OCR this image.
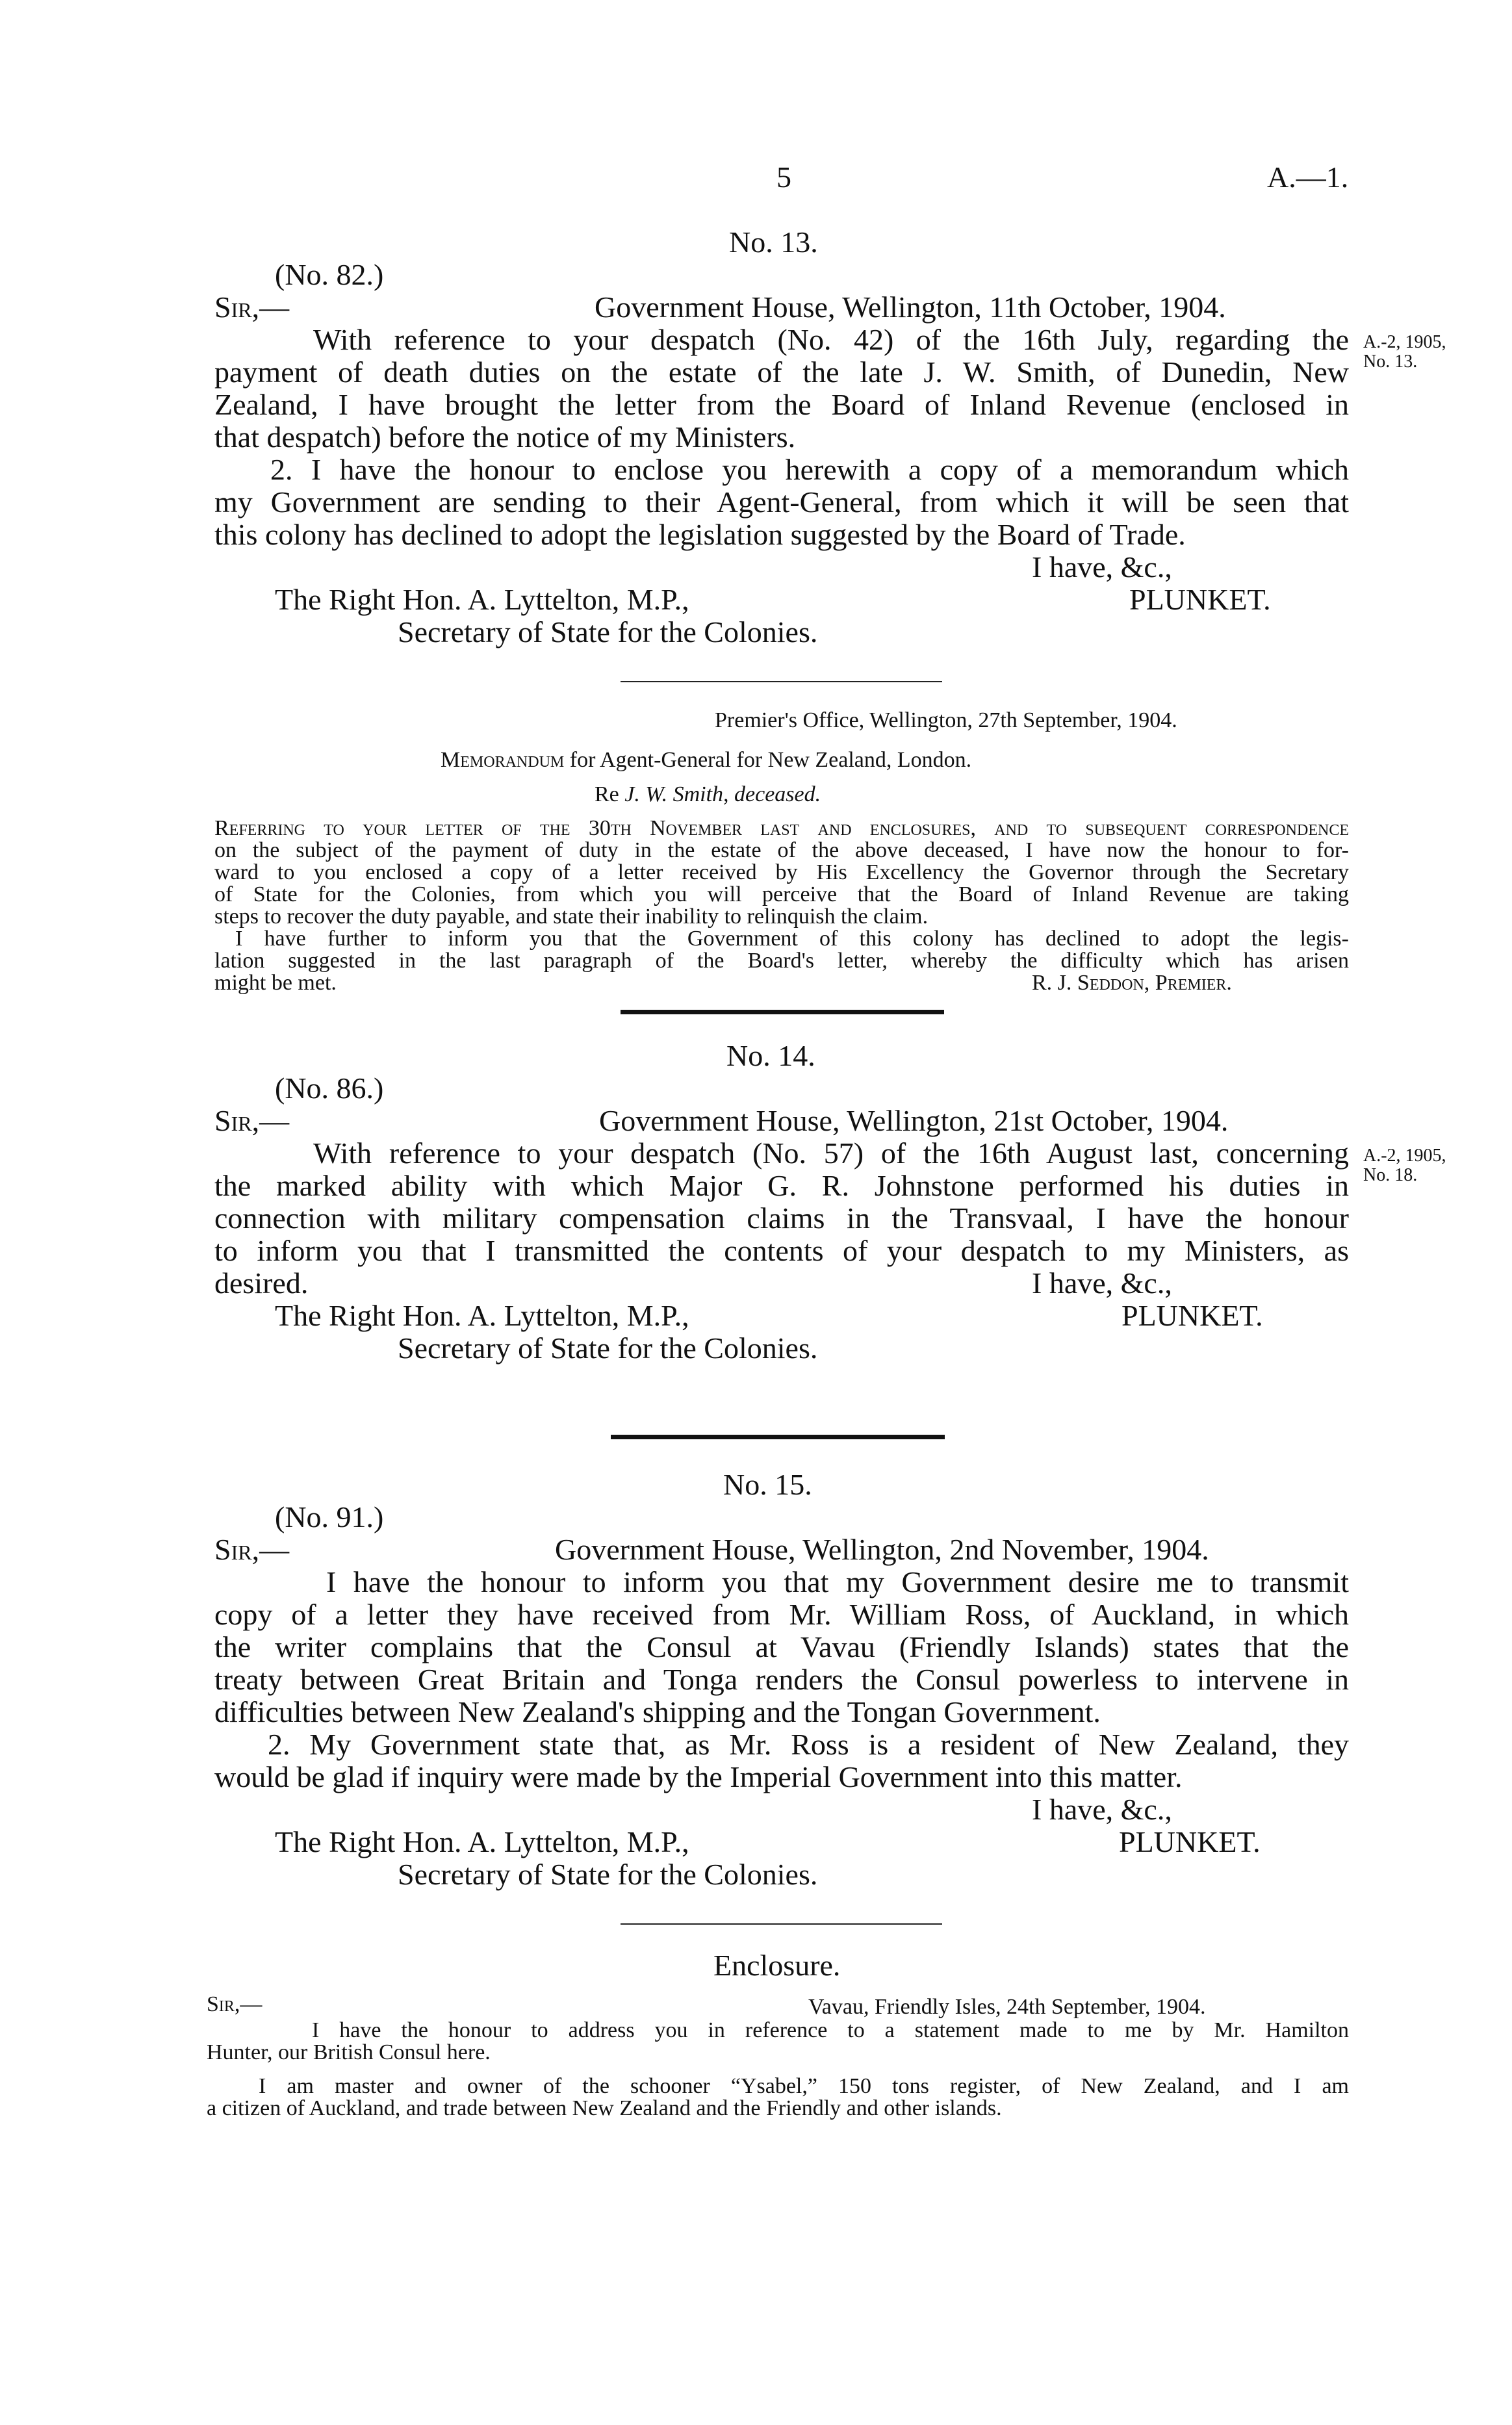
5	A.—1.
No. 13.
(No. 82.)
Sir,—	Government House, Wellington, 11th October, 1904.
With reference to your despatch (No. 42) of the 16th July, regarding the
payment of death duties on the estate of the late J. W. Smith, of Dunedin, New
Zealand, I have brought the letter from the Board of Inland Revenue (enclosed in
that despatch) before the notice of my Ministers.
2. I have the honour to enclose you herewith a copy of a memorandum which
my Government are sending to their Agent-General, from which it will be seen that
this colony has declined to adopt the legislation suggested by the Board of Trade.
I have, &c.,
The Right Hon. A. Lyttelton, M.P.,	PLUNKET.
Secretary of State for the Colonies.
A.-2, 1905,
No. 13.
Premier's Office, Wellington, 27th September, 1904.
Memorandum for Agent-General for New Zealand, London.
Re J. W. Smith, deceased.
Referring to your letter of the 30th November last and enclosures, and to subsequent correspondence
on the subject of the payment of duty in the estate of the above deceased, I have now the honour to for-
ward to you enclosed a copy of a letter received by His Excellency the Governor through the Secretary
of State for the Colonies, from which you will perceive that the Board of Inland Revenue are taking
steps to recover the duty payable, and state their inability to relinquish the claim.
I have further to inform you that the Government of this colony has declined to adopt the legis-
lation suggested in the last paragraph of the Board's letter, whereby the difficulty which has arisen
might be met.	R. J. Seddon, Premier.
No. 14.
(No. 86.)
Sir,—	Government House, Wellington, 21st October, 1904.
With reference to your despatch (No. 57) of the 16th August last, concerning
the marked ability with which Major G. R. Johnstone performed his duties in
connection with military compensation claims in the Transvaal, I have the honour
to inform you that I transmitted the contents of your despatch to my Ministers, as
desired.	I have, &c.,
The Right Hon. A. Lyttelton, M.P.,	PLUNKET.
Secretary of State for the Colonies.
A.-2, 1905,
No. 18.
No. 15.
(No. 91.)
Sir,—	Government House, Wellington, 2nd November, 1904.
I have the honour to inform you that my Government desire me to transmit
copy of a letter they have received from Mr. William Ross, of Auckland, in which
the writer complains that the Consul at Vavau (Friendly Islands) states that the
treaty between Great Britain and Tonga renders the Consul powerless to intervene in
difficulties between New Zealand's shipping and the Tongan Government.
2. My Government state that, as Mr. Ross is a resident of New Zealand, they
would be glad if inquiry were made by the Imperial Government into this matter.
I have, &c.,
The Right Hon. A. Lyttelton, M.P.,	PLUNKET.
Secretary of State for the Colonies.
Enclosure.
Sir,—	Vavau, Friendly Isles, 24th September, 1904.
I have the honour to address you in reference to a statement made to me by Mr. Hamilton
Hunter, our British Consul here.
I am master and owner of the schooner “Ysabel,” 150 tons register, of New Zealand, and I am
a citizen of Auckland, and trade between New Zealand and the Friendly and other islands.
